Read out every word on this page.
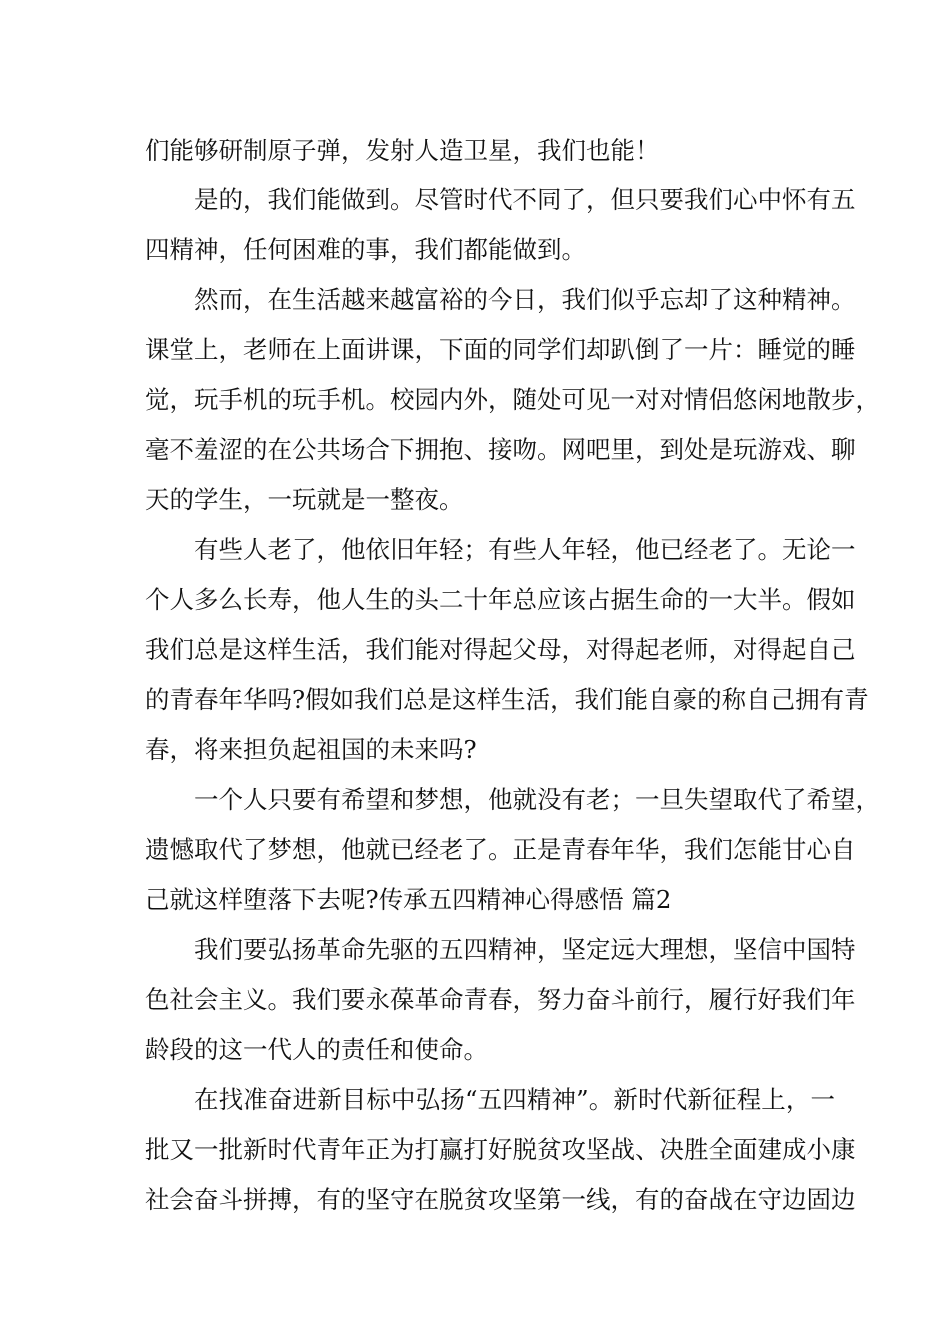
们能够研制原子弹，发射人造卫星，我们也能！

是的，我们能做到。尽管时代不同了，但只要我们心中怀有五

四精神，任何困难的事，我们都能做到。

然而，在生活越来越富裕的今日，我们似乎忘却了这种精神。

课堂上，老师在上面讲课，下面的同学们却趴倒了一片：睡觉的睡

觉，玩手机的玩手机。校园内外，随处可见一对对情侣悠闲地散步，

毫不羞涩的在公共场合下拥抱、接吻。网吧里，到处是玩游戏、聊

天的学生，一玩就是一整夜。

有些人老了，他依旧年轻；有些人年轻，他已经老了。无论一

个人多么长寿，他人生的头二十年总应该占据生命的一大半。假如

我们总是这样生活，我们能对得起父母，对得起老师，对得起自己

的青春年华吗?假如我们总是这样生活，我们能自豪的称自己拥有青

春，将来担负起祖国的未来吗?

一个人只要有希望和梦想，他就没有老；一旦失望取代了希望，

遗憾取代了梦想，他就已经老了。正是青春年华，我们怎能甘心自

己就这样堕落下去呢?传承五四精神心得感悟 篇2

我们要弘扬革命先驱的五四精神，坚定远大理想，坚信中国特

色社会主义。我们要永葆革命青春，努力奋斗前行，履行好我们年

龄段的这一代人的责任和使命。

在找准奋进新目标中弘扬“五四精神”。新时代新征程上，一

批又一批新时代青年正为打赢打好脱贫攻坚战、决胜全面建成小康

社会奋斗拼搏，有的坚守在脱贫攻坚第一线，有的奋战在守边固边
